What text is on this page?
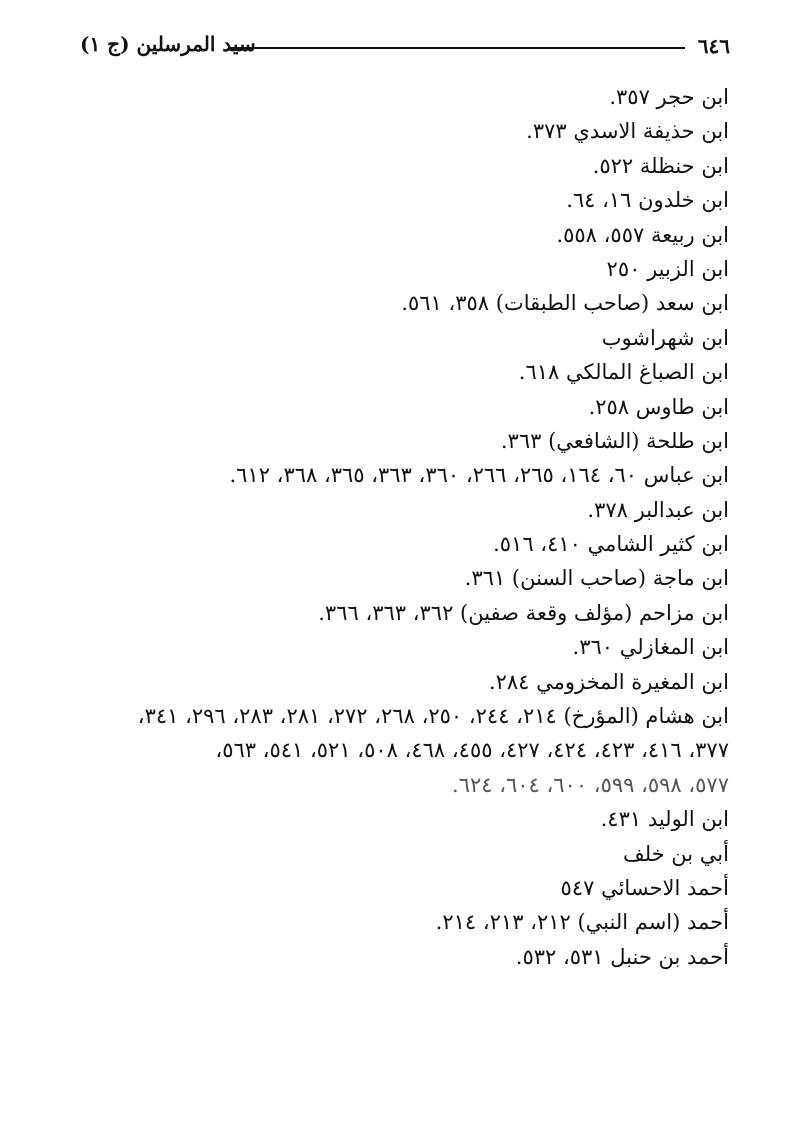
٦٤٦
سيد المرسلين (ج ١)
ابن حجر ٣٥٧.
ابن حذيفة الاسدي ٣٧٣.
ابن حنظلة ٥٢٢.
ابن خلدون ١٦، ٦٤.
ابن ربيعة ٥٥٧، ٥٥٨.
ابن الزبير ٢٥٠
ابن سعد (صاحب الطبقات) ٣٥٨، ٥٦١.
ابن شهراشوب
ابن الصباغ المالكي ٦١٨.
ابن طاوس ٢٥٨.
ابن طلحة (الشافعي) ٣٦٣.
ابن عباس ٦٠، ١٦٤، ٢٦٥، ٢٦٦، ٣٦٠، ٣٦٣، ٣٦٥، ٣٦٨، ٦١٢.
ابن عبدالبر ٣٧٨.
ابن كثير الشامي ٤١٠، ٥١٦.
ابن ماجة (صاحب السنن) ٣٦١.
ابن مزاحم (مؤلف وقعة صفين) ٣٦٢، ٣٦٣، ٣٦٦.
ابن المغازلي ٣٦٠.
ابن المغيرة المخزومي ٢٨٤.
ابن هشام (المؤرخ) ٢١٤، ٢٤٤، ٢٥٠، ٢٦٨، ٢٧٢، ٢٨١، ٢٨٣، ٢٩٦، ٣٤١،
٣٧٧، ٤١٦، ٤٢٣، ٤٢٤، ٤٢٧، ٤٥٥، ٤٦٨، ٥٠٨، ٥٢١، ٥٤١، ٥٦٣،
٥٧٧، ٥٩٨، ٥٩٩، ٦٠٠، ٦٠٤، ٦٢٤.
ابن الوليد ٤٣١.
أبي بن خلف
أحمد الاحسائي ٥٤٧
أحمد (اسم النبي) ٢١٢، ٢١٣، ٢١٤.
أحمد بن حنبل ٥٣١، ٥٣٢.
